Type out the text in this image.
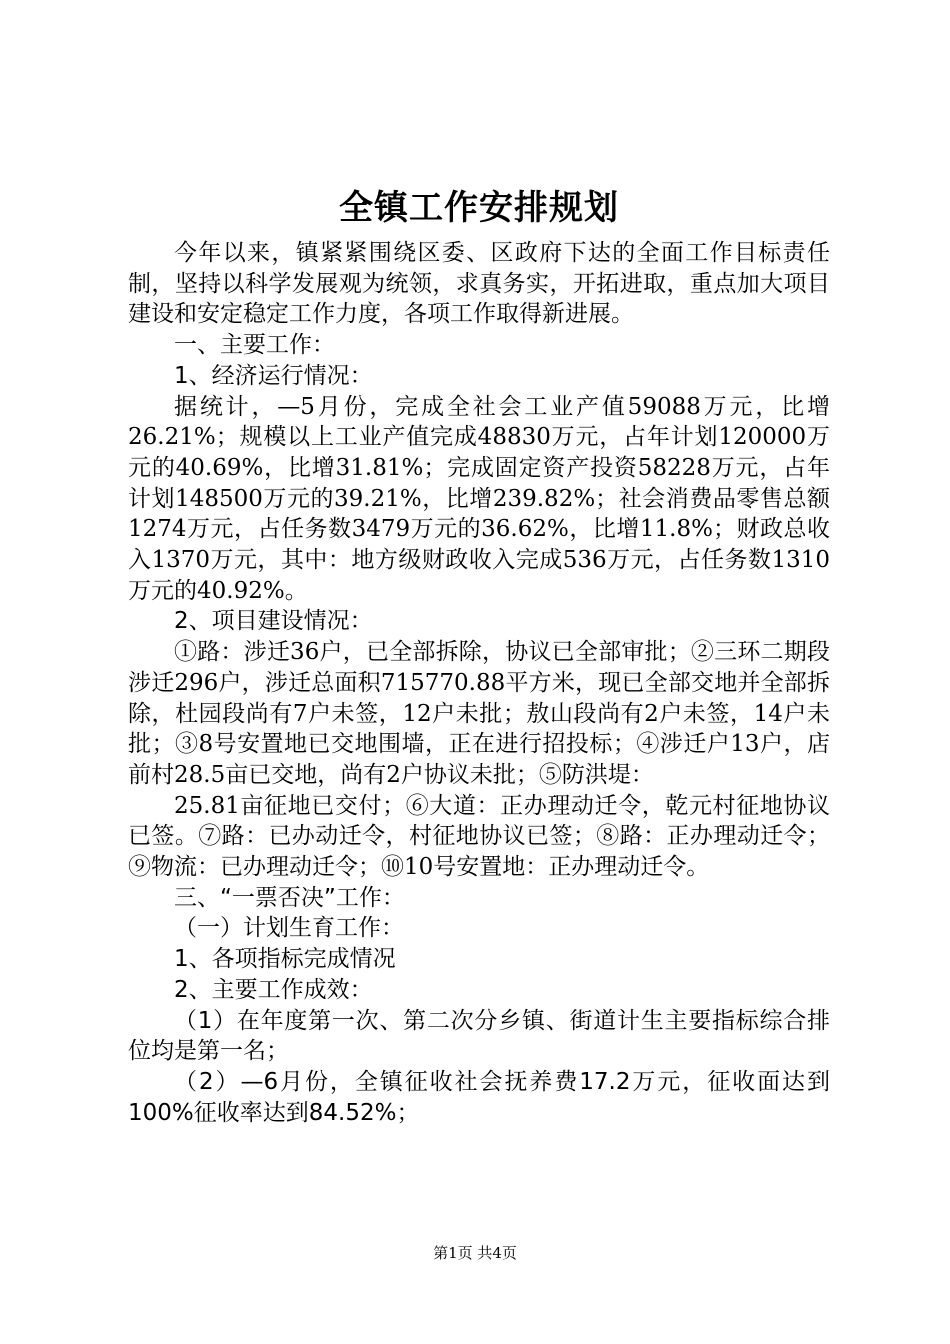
全镇工作安排规划

今年以来，镇紧紧围绕区委、区政府下达的全面工作目标责任制，坚持以科学发展观为统领，求真务实，开拓进取，重点加大项目建设和安定稳定工作力度，各项工作取得新进展。

一、主要工作：

1、经济运行情况：

据统计，—5月份，完成全社会工业产值59088万元，比增26.21%；规模以上工业产值完成48830万元，占年计划120000万元的40.69%，比增31.81%；完成固定资产投资58228万元，占年计划148500万元的39.21%，比增239.82%；社会消费品零售总额1274万元，占任务数3479万元的36.62%，比增11.8%；财政总收入1370万元，其中：地方级财政收入完成536万元，占任务数1310万元的40.92%。

2、项目建设情况：

①路：涉迁36户，已全部拆除，协议已全部审批；②三环二期段涉迁296户，涉迁总面积715770.88平方米，现已全部交地并全部拆除，杜园段尚有7户未签，12户未批；敖山段尚有2户未签，14户未批；③8号安置地已交地围墙，正在进行招投标；④涉迁户13户，店前村28.5亩已交地，尚有2户协议未批；⑤防洪堤：

25.81亩征地已交付；⑥大道：正办理动迁令，乾元村征地协议已签。⑦路：已办动迁令，村征地协议已签；⑧路：正办理动迁令；⑨物流：已办理动迁令；⑩10号安置地：正办理动迁令。

三、“一票否决”工作：

（一）计划生育工作：

1、各项指标完成情况

2、主要工作成效：

（1）在年度第一次、第二次分乡镇、街道计生主要指标综合排位均是第一名；

（2）—6月份，全镇征收社会抚养费17.2万元，征收面达到100%征收率达到84.52%；

第1页 共4页
